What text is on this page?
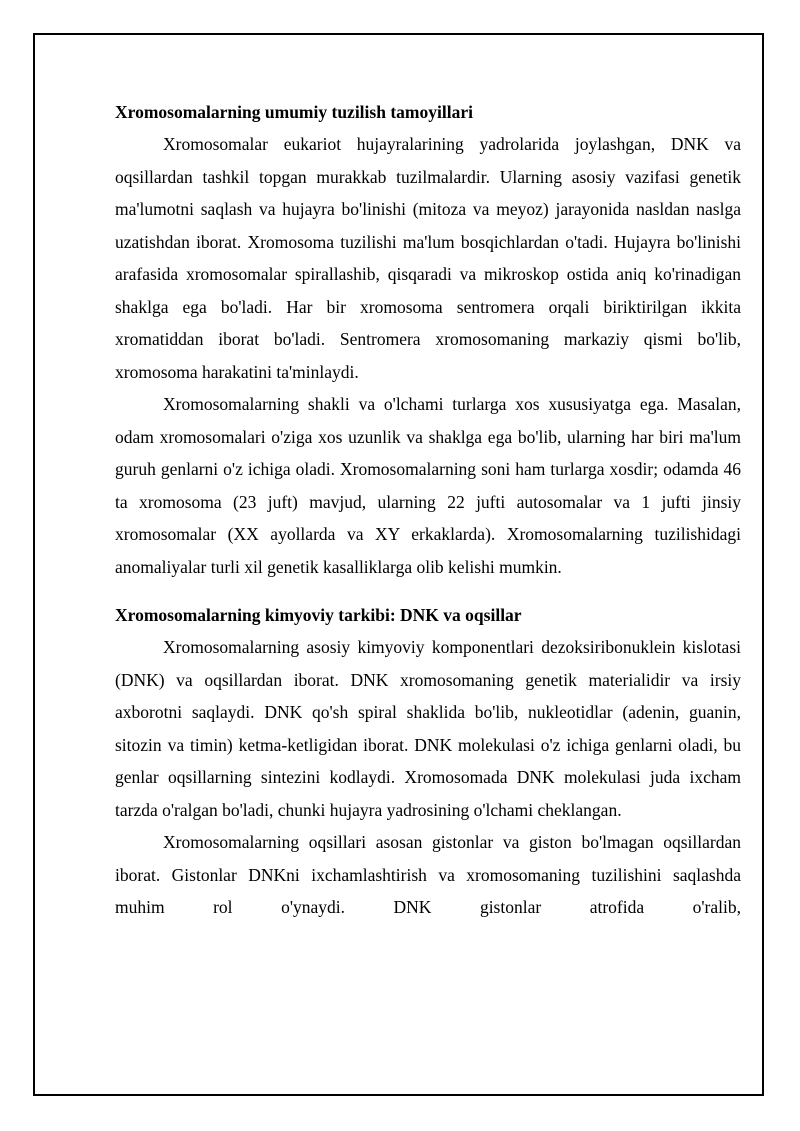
Xromosomalarning umumiy tuzilish tamoyillari

Xromosomalar eukariot hujayralarining yadrolarida joylashgan, DNK va oqsillardan tashkil topgan murakkab tuzilmalardir. Ularning asosiy vazifasi genetik ma'lumotni saqlash va hujayra bo'linishi (mitoza va meyoz) jarayonida nasldan naslga uzatishdan iborat. Xromosoma tuzilishi ma'lum bosqichlardan o'tadi. Hujayra bo'linishi arafasida xromosomalar spirallashib, qisqaradi va mikroskop ostida aniq ko'rinadigan shaklga ega bo'ladi. Har bir xromosoma sentromera orqali biriktirilgan ikkita xromatiddan iborat bo'ladi. Sentromera xromosomaning markaziy qismi bo'lib, xromosoma harakatini ta'minlaydi.

Xromosomalarning shakli va o'lchami turlarga xos xususiyatga ega. Masalan, odam xromosomalari o'ziga xos uzunlik va shaklga ega bo'lib, ularning har biri ma'lum guruh genlarni o'z ichiga oladi. Xromosomalarning soni ham turlarga xosdir; odamda 46 ta xromosoma (23 juft) mavjud, ularning 22 jufti autosomalar va 1 jufti jinsiy xromosomalar (XX ayollarda va XY erkaklarda). Xromosomalarning tuzilishidagi anomaliyalar turli xil genetik kasalliklarga olib kelishi mumkin.

Xromosomalarning kimyoviy tarkibi: DNK va oqsillar

Xromosomalarning asosiy kimyoviy komponentlari dezoksiribonuklein kislotasi (DNK) va oqsillardan iborat. DNK xromosomaning genetik materialidir va irsiy axborotni saqlaydi. DNK qo'sh spiral shaklida bo'lib, nukleotidlar (adenin, guanin, sitozin va timin) ketma-ketligidan iborat. DNK molekulasi o'z ichiga genlarni oladi, bu genlar oqsillarning sintezini kodlaydi. Xromosomada DNK molekulasi juda ixcham tarzda o'ralgan bo'ladi, chunki hujayra yadrosining o'lchami cheklangan.

Xromosomalarning oqsillari asosan gistonlar va giston bo'lmagan oqsillardan iborat. Gistonlar DNKni ixchamlashtirish va xromosomaning tuzilishini saqlashda muhim rol o'ynaydi. DNK gistonlar atrofida o'ralib,
